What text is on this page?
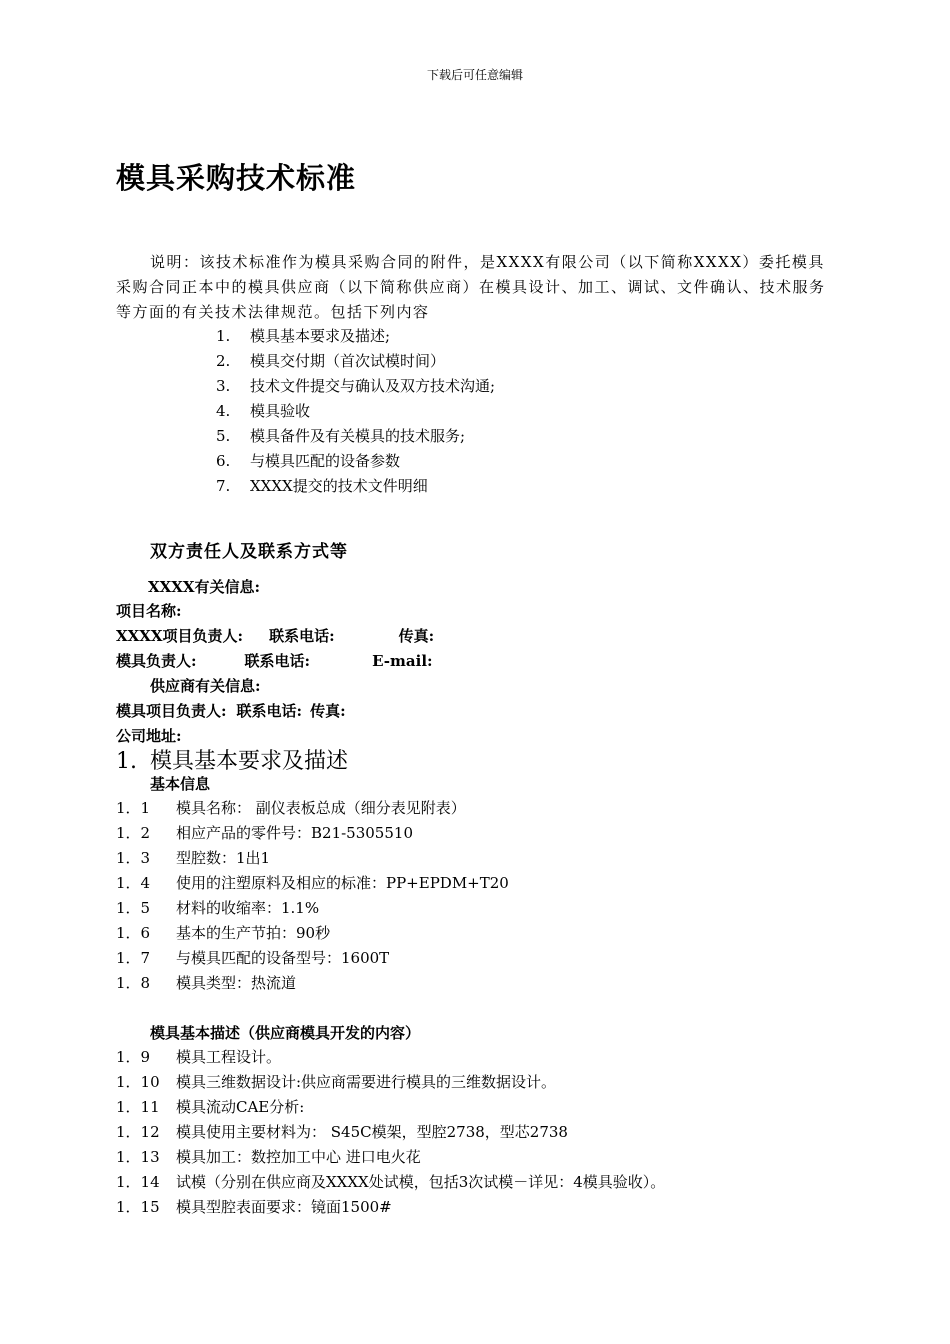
下载后可任意编辑
模具采购技术标准

说明：该技术标准作为模具采购合同的附件，是XXXX有限公司（以下简称XXXX）委托模具采购合同正本中的模具供应商（以下简称供应商）在模具设计、加工、调试、文件确认、技术服务等方面的有关技术法律规范。包括下列内容

1. 模具基本要求及描述;
2. 模具交付期（首次试模时间）
3. 技术文件提交与确认及双方技术沟通;
4. 模具验收
5. 模具备件及有关模具的技术服务;
6. 与模具匹配的设备参数
7. XXXX提交的技术文件明细
双方责任人及联系方式等
XXXX有关信息:
项目名称:
XXXX项目负责人: 联系电话:	传真:
模具负责人:	联系电话:	E-mail:
供应商有关信息:
模具项目负责人: 联系电话: 传真:
公司地址:
1. 模具基本要求及描述
基本信息
1．1 模具名称： 副仪表板总成（细分表见附表）
1．2 相应产品的零件号：B21-5305510
1．3 型腔数：1出1
1．4 使用的注塑原料及相应的标准：PP+EPDM+T20
1．5 材料的收缩率：1.1%
1．6 基本的生产节拍：90秒
1．7 与模具匹配的设备型号：1600T
1．8 模具类型：热流道
模具基本描述（供应商模具开发的内容）
1．9 模具工程设计。
1．10 模具三维数据设计:供应商需要进行模具的三维数据设计。
1．11 模具流动CAE分析:
1．12 模具使用主要材料为： S45C模架，型腔2738，型芯2738
1．13 模具加工：数控加工中心 进口电火花
1．14 试模（分别在供应商及XXXX处试模，包括3次试模－详见：4模具验收）。
1．15 模具型腔表面要求：镜面1500#
